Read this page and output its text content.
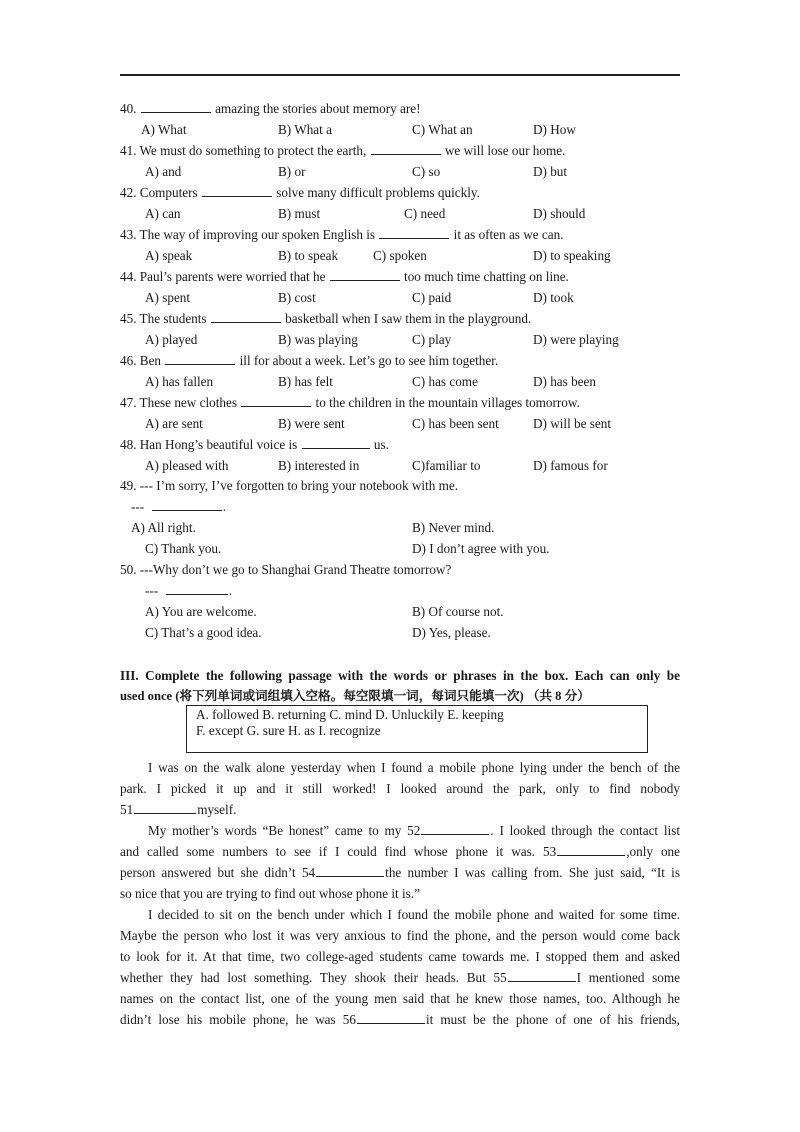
40.	amazing the stories about memory are!
A) What	B) What a	C) What an	D) How
41. We must do something to protect the earth,	we will lose our home.
A) and	B) or	C) so	D) but
42. Computers	solve many difficult problems quickly.
A) can	B) must	C) need	D) should
43. The way of improving our spoken English is	it as often as we can.
A) speak	B) to speak	C) spoken	D) to speaking
44. Paul’s parents were worried that he	too much time chatting on line.
A) spent	B) cost	C) paid	D) took
45. The students	basketball when I saw them in the playground.
A) played	B) was playing	C) play	D) were playing
46. Ben	ill for about a week. Let’s go to see him together.
A) has fallen	B) has felt	C) has come	D) has been
47. These new clothes	to the children in the mountain villages tomorrow.
A) are sent	B) were sent	C) has been sent	D) will be sent
48. Han Hong’s beautiful voice is	us.
A) pleased with	B) interested in	C)familiar to	D) famous for
49. --- I’m sorry, I’ve forgotten to bring your notebook with me.
---	.
A) All right.	B) Never mind.
C) Thank you.	D) I don’t agree with you.
50. ---Why don’t we go to Shanghai Grand Theatre tomorrow?
---	.
A) You are welcome.	B) Of course not.
C) That’s a good idea.	D) Yes, please.
III. Complete the following passage with the words or phrases in the box. Each can only be
used once (将下列单词或词组填入空格。每空限填一词，每词只能填一次) （共 8 分）
A. followed B. returning C. mind D. Unluckily E. keeping
F. except G. sure H. as I. recognize
I was on the walk alone yesterday when I found a mobile phone lying under the bench of the
park. I picked it up and it still worked! I looked around the park, only to find nobody
51	myself.
My mother’s words “Be honest” came to my 52	. I looked through the contact list
and called some numbers to see if I could find whose phone it was. 53	,only one
person answered but she didn’t 54	the number I was calling from. She just said, “It is
so nice that you are trying to find out whose phone it is.”
I decided to sit on the bench under which I found the mobile phone and waited for some time.
Maybe the person who lost it was very anxious to find the phone, and the person would come back
to look for it. At that time, two college-aged students came towards me. I stopped them and asked
whether they had lost something. They shook their heads. But 55	I mentioned some
names on the contact list, one of the young men said that he knew those names, too. Although he
didn’t lose his mobile phone, he was 56	it must be the phone of one of his friends,
